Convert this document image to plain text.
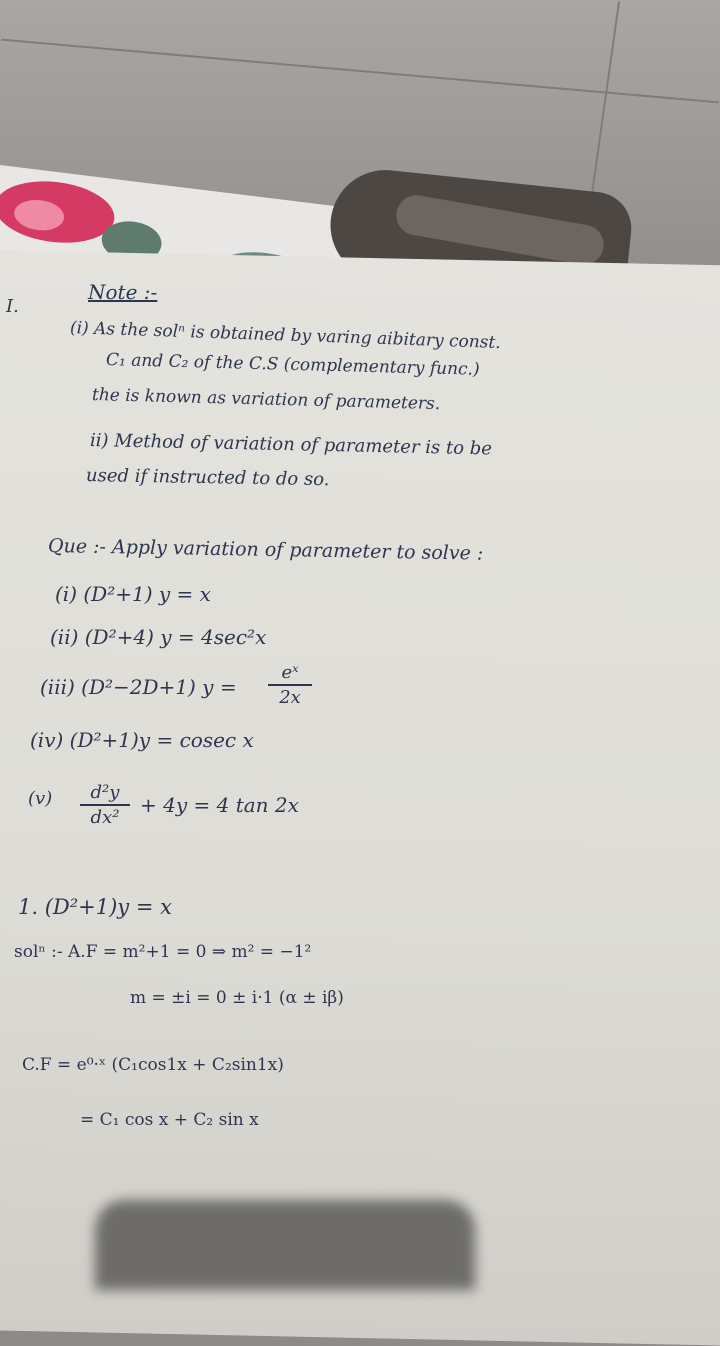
I.
Note :-
(i) As the solⁿ is obtained by varing aibitary const.
C₁ and C₂ of the C.S (complementary func.)
the is known as variation of parameters.
ii) Method of variation of parameter is to be
used if instructed to do so.
Que :- Apply variation of parameter to solve :
(i) (D²+1) y = x
(ii) (D²+4) y = 4sec²x
(iii) (D²−2D+1) y =
eˣ
2x
(iv) (D²+1)y = cosec x
(v)	d²y
dx²
+ 4y = 4 tan 2x
1. (D²+1)y = x
solⁿ :- A.F = m²+1 = 0 ⇒ m² = −1²
m = ±i = 0 ± i·1 (α ± iβ)
C.F = e⁰·ˣ (C₁cos1x + C₂sin1x)
= C₁ cos x + C₂ sin x
